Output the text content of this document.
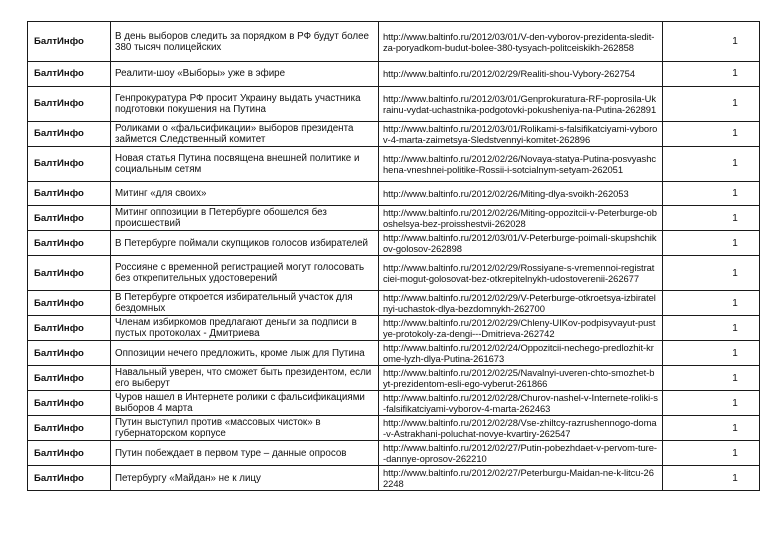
БалтИнфо	В день выборов следить за порядком в РФ будут более 380 тысяч полицейских	http://www.baltinfo.ru/2012/03/01/V-den-vyborov-prezidenta-sledit-za-poryadkom-budut-bolee-380-tysyach-politceiskikh-262858	1
БалтИнфо	Реалити-шоу «Выборы» уже в эфире	http://www.baltinfo.ru/2012/02/29/Realiti-shou-Vybory-262754	1
БалтИнфо	Генпрокуратура РФ просит Украину выдать участника подготовки покушения на Путина	http://www.baltinfo.ru/2012/03/01/Genprokuratura-RF-poprosila-Ukrainu-vydat-uchastnika-podgotovki-pokusheniya-na-Putina-262891	1
БалтИнфо	Роликами о «фальсификации» выборов президента займется Следственный комитет	http://www.baltinfo.ru/2012/03/01/Rolikami-s-falsifikatciyami-vyborov-4-marta-zaimetsya-Sledstvennyi-komitet-262896	1
БалтИнфо	Новая статья Путина посвящена внешней политике и социальным сетям	http://www.baltinfo.ru/2012/02/26/Novaya-statya-Putina-posvyashchena-vneshnei-politike-Rossii-i-sotcialnym-setyam-262051	1
БалтИнфо	Митинг «для своих»	http://www.baltinfo.ru/2012/02/26/Miting-dlya-svoikh-262053	1
БалтИнфо	Митинг оппозиции в Петербурге обошелся без происшествий	http://www.baltinfo.ru/2012/02/26/Miting-oppozitcii-v-Peterburge-oboshelsya-bez-proisshestvii-262028	1
БалтИнфо	В Петербурге поймали скупщиков голосов избирателей	http://www.baltinfo.ru/2012/03/01/V-Peterburge-poimali-skupshchikov-golosov-262898	1
БалтИнфо	Россияне с временной регистрацией могут голосовать без открепительных удостоверений	http://www.baltinfo.ru/2012/02/29/Rossiyane-s-vremennoi-registratciei-mogut-golosovat-bez-otkrepitelnykh-udostoverenii-262677	1
БалтИнфо	В Петербурге откроется избирательный участок для бездомных	http://www.baltinfo.ru/2012/02/29/V-Peterburge-otkroetsya-izbiratelnyi-uchastok-dlya-bezdomnykh-262700	1
БалтИнфо	Членам избиркомов предлагают деньги за подписи в пустых протоколах - Дмитриева	http://www.baltinfo.ru/2012/02/29/Chleny-UIKov-podpisyvayut-pustye-protokoly-za-dengi---Dmitrieva-262742	1
БалтИнфо	Оппозиции нечего предложить, кроме лыж для Путина	http://www.baltinfo.ru/2012/02/24/Oppozitcii-nechego-predlozhit-krome-lyzh-dlya-Putina-261673	1
БалтИнфо	Навальный уверен, что сможет быть президентом, если его выберут	http://www.baltinfo.ru/2012/02/25/Navalnyi-uveren-chto-smozhet-byt-prezidentom-esli-ego-vyberut-261866	1
БалтИнфо	Чуров нашел в Интернете ролики с фальсификациями выборов 4 марта	http://www.baltinfo.ru/2012/02/28/Churov-nashel-v-Internete-roliki-s-falsifikatciyami-vyborov-4-marta-262463	1
БалтИнфо	Путин выступил против «массовых чисток» в губернаторском корпусе	http://www.baltinfo.ru/2012/02/28/Vse-zhiltcy-razrushennogo-doma-v-Astrakhani-poluchat-novye-kvartiry-262547	1
БалтИнфо	Путин побеждает в первом туре – данные опросов	http://www.baltinfo.ru/2012/02/27/Putin-pobezhdaet-v-pervom-ture--dannye-oprosov-262210	1
БалтИнфо	Петербургу «Майдан» не к лицу	http://www.baltinfo.ru/2012/02/27/Peterburgu-Maidan-ne-k-litcu-262248	1
